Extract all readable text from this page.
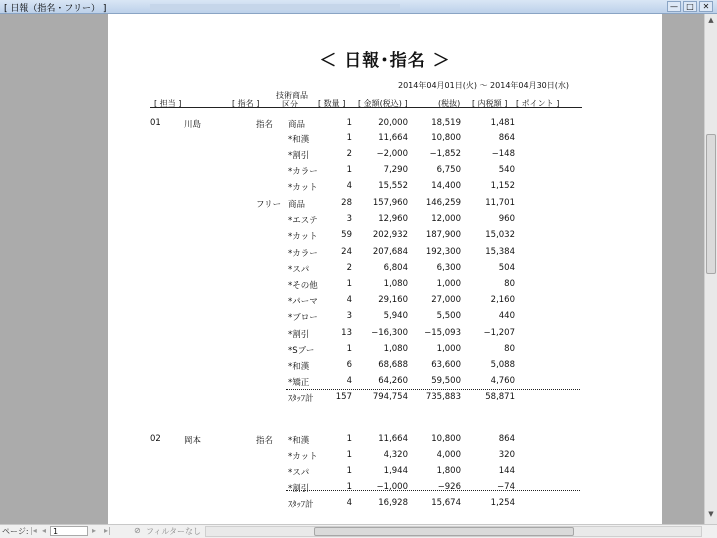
[ 日報（指名・フリー） ]	—	□	✕
＜ 日報･指名 ＞
2014年04月01日(火) ～ 2014年04月30日(水)
[ 担当 ]	[ 指名 ]
技術商品
区分	[ 数量 ] [ 金額(税込) ]	(税抜) [ 内税額 ] [ ポイント ]
01	川島	指名 商品	1	20,000	18,519	1,481
*和漢	1	11,664	10,800	864
*割引	2	−2,000	−1,852	−148
*カラー	1	7,290	6,750	540
*カット	4	15,552	14,400	1,152
フリー 商品	28 157,960 146,259	11,701
*エステ	3	12,960	12,000	960
*カット	59 202,932 187,900	15,032
*カラー	24 207,684 192,300	15,384
*スパ	2	6,804	6,300	504
*その他	1	1,080	1,000	80
*パーマ	4	29,160	27,000	2,160
*ブロー	3	5,940	5,500	440
*割引	13 −16,300 −15,093	−1,207
*Sブー	1	1,080	1,000	80
*和漢	6	68,688	63,600	5,088
*矯正	4	64,260	59,500	4,760
ｽﾀｯﾌ計	157 794,754 735,883	58,871
02	岡本	指名 *和漢	1	11,664	10,800	864
*カット	1	4,320	4,000	320
*スパ	1	1,944	1,800	144
*割引	1	−1,000	−926	−74
ｽﾀｯﾌ計	4	16,928	15,674	1,254
▲
▼
ページ: |◂ ◂ 1	▸ ▸|	⊘ フィルターなし
